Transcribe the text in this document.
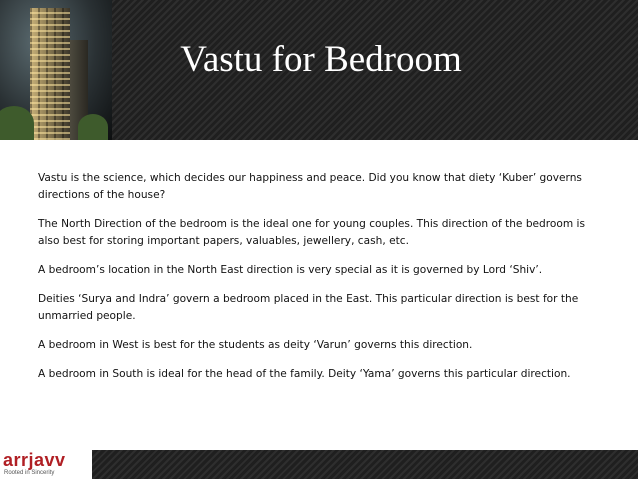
Vastu for Bedroom

Vastu is the science, which decides our happiness and peace. Did you know that diety ‘Kuber’ governs directions of the house?

The North Direction of the bedroom is the ideal one for young couples. This direction of the bedroom is also best for storing important papers, valuables, jewellery, cash, etc.

A bedroom’s location in the North East direction is very special as it is governed by Lord ‘Shiv’.

Deities ‘Surya and Indra’ govern a bedroom placed in the East. This particular direction is best for the unmarried people.

A bedroom in West is best for the students as deity ‘Varun’ governs this direction.

A bedroom in South is ideal for the head of the family. Deity ‘Yama’ governs this particular direction.

arrjavv
Rooted in Sincerity
